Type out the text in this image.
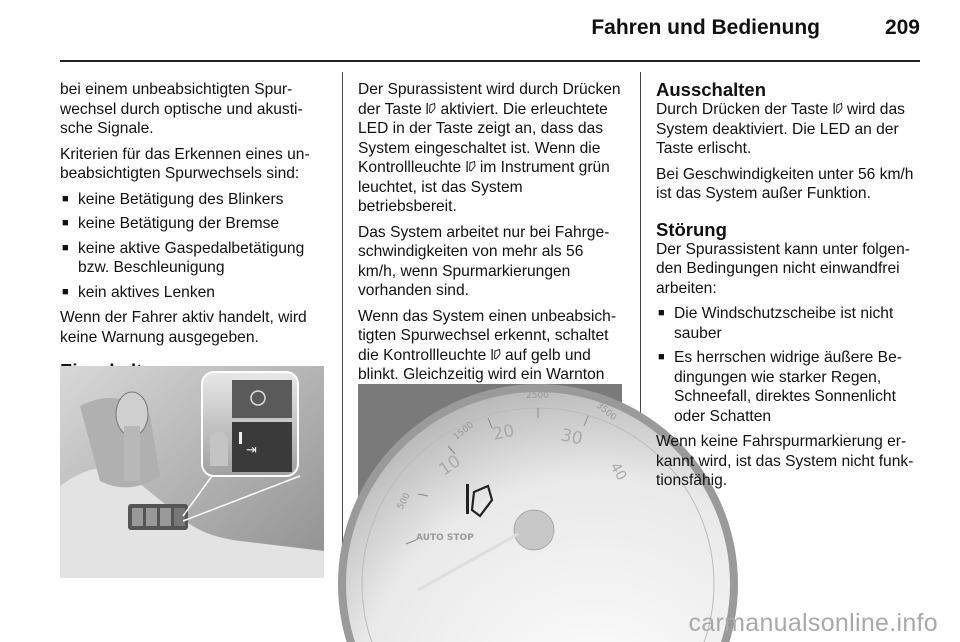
Fahren und Bedienung	209

bei einem unbeabsichtigten Spurwechsel durch optische und akustische Signale.

Kriterien für das Erkennen eines unbeabsichtigten Spurwechsels sind:

■ keine Betätigung des Blinkers
■ keine Betätigung der Bremse
■ keine aktive Gaspedalbetätigung bzw. Beschleunigung
■ kein aktives Lenken

Wenn der Fahrer aktiv handelt, wird keine Warnung ausgegeben.

⇥

Der Spurassistent wird durch Drücken der Taste aktiviert. Die erleuchtete LED in der Taste zeigt an, dass das System eingeschaltet ist. Wenn die Kontrollleuchte im Instrument grün leuchtet, ist das System betriebsbereit.

Das System arbeitet nur bei Fahrgeschwindigkeiten von mehr als 56 km/h, wenn Spurmarkierungen vorhanden sind.

Wenn das System einen unbeabsichtigten Spurwechsel erkennt, schaltet die Kontrollleuchte auf gelb und blinkt. Gleichzeitig wird ein Warnton

500
1500
2500
3500
10
20	30
40
AUTO STOP
Ausschalten

Durch Drücken der Taste wird das System deaktiviert. Die LED an der Taste erlischt.

Bei Geschwindigkeiten unter 56 km/h ist das System außer Funktion.

Störung

Der Spurassistent kann unter folgenden Bedingungen nicht einwandfrei arbeiten:

■ Die Windschutzscheibe ist nicht sauber
■ Es herrschen widrige äußere Bedingungen wie starker Regen, Schneefall, direktes Sonnenlicht oder Schatten

Wenn keine Fahrspurmarkierung erkannt wird, ist das System nicht funktionsfähig.

carmanualsonline.info
